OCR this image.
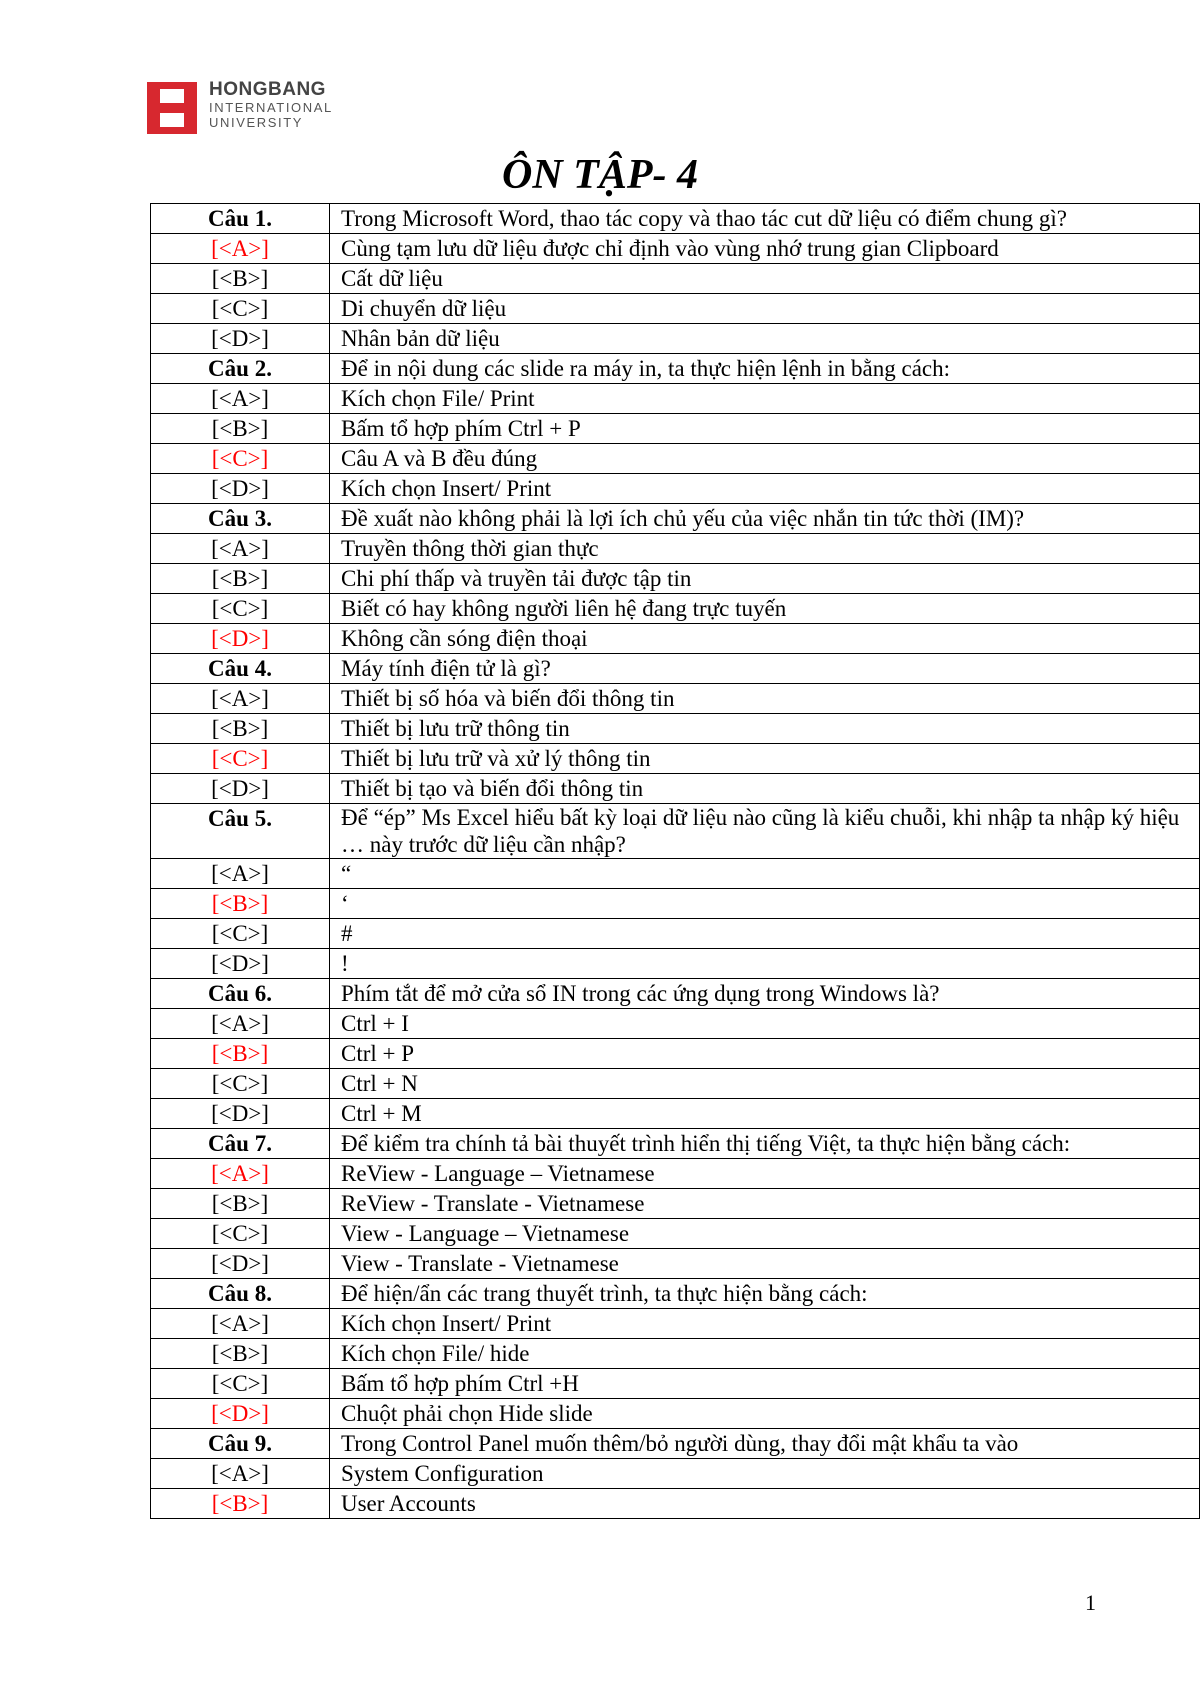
HONGBANG
INTERNATIONAL
UNIVERSITY
ÔN TẬP- 4
Câu 1.	Trong Microsoft Word, thao tác copy và thao tác cut dữ liệu có điểm chung gì?
[<A>]	Cùng tạm lưu dữ liệu được chỉ định vào vùng nhớ trung gian Clipboard
[<B>]	Cất dữ liệu
[<C>]	Di chuyển dữ liệu
[<D>]	Nhân bản dữ liệu
Câu 2.	Để in nội dung các slide ra máy in, ta thực hiện lệnh in bằng cách:
[<A>]	Kích chọn File/ Print
[<B>]	Bấm tổ hợp phím Ctrl + P
[<C>]	Câu A và B đều đúng
[<D>]	Kích chọn Insert/ Print
Câu 3.	Đề xuất nào không phải là lợi ích chủ yếu của việc nhắn tin tức thời (IM)?
[<A>]	Truyền thông thời gian thực
[<B>]	Chi phí thấp và truyền tải được tập tin
[<C>]	Biết có hay không người liên hệ đang trực tuyến
[<D>]	Không cần sóng điện thoại
Câu 4.	Máy tính điện tử là gì?
[<A>]	Thiết bị số hóa và biến đổi thông tin
[<B>]	Thiết bị lưu trữ thông tin
[<C>]	Thiết bị lưu trữ và xử lý thông tin
[<D>]	Thiết bị tạo và biến đổi thông tin
Câu 5.	Để “ép” Ms Excel hiểu bất kỳ loại dữ liệu nào cũng là kiểu chuỗi, khi nhập ta nhập ký hiệu … này trước dữ liệu cần nhập?
[<A>]	“
[<B>]	‘
[<C>]	#
[<D>]	!
Câu 6.	Phím tắt để mở cửa sổ IN trong các ứng dụng trong Windows là?
[<A>]	Ctrl + I
[<B>]	Ctrl + P
[<C>]	Ctrl + N
[<D>]	Ctrl + M
Câu 7.	Để kiểm tra chính tả bài thuyết trình hiển thị tiếng Việt, ta thực hiện bằng cách:
[<A>]	ReView - Language – Vietnamese
[<B>]	ReView - Translate - Vietnamese
[<C>]	View - Language – Vietnamese
[<D>]	View - Translate - Vietnamese
Câu 8.	Để hiện/ẩn các trang thuyết trình, ta thực hiện bằng cách:
[<A>]	Kích chọn Insert/ Print
[<B>]	Kích chọn File/ hide
[<C>]	Bấm tổ hợp phím Ctrl +H
[<D>]	Chuột phải chọn Hide slide
Câu 9.	Trong Control Panel muốn thêm/bỏ người dùng, thay đổi mật khẩu ta vào
[<A>]	System Configuration
[<B>]	User Accounts
1
